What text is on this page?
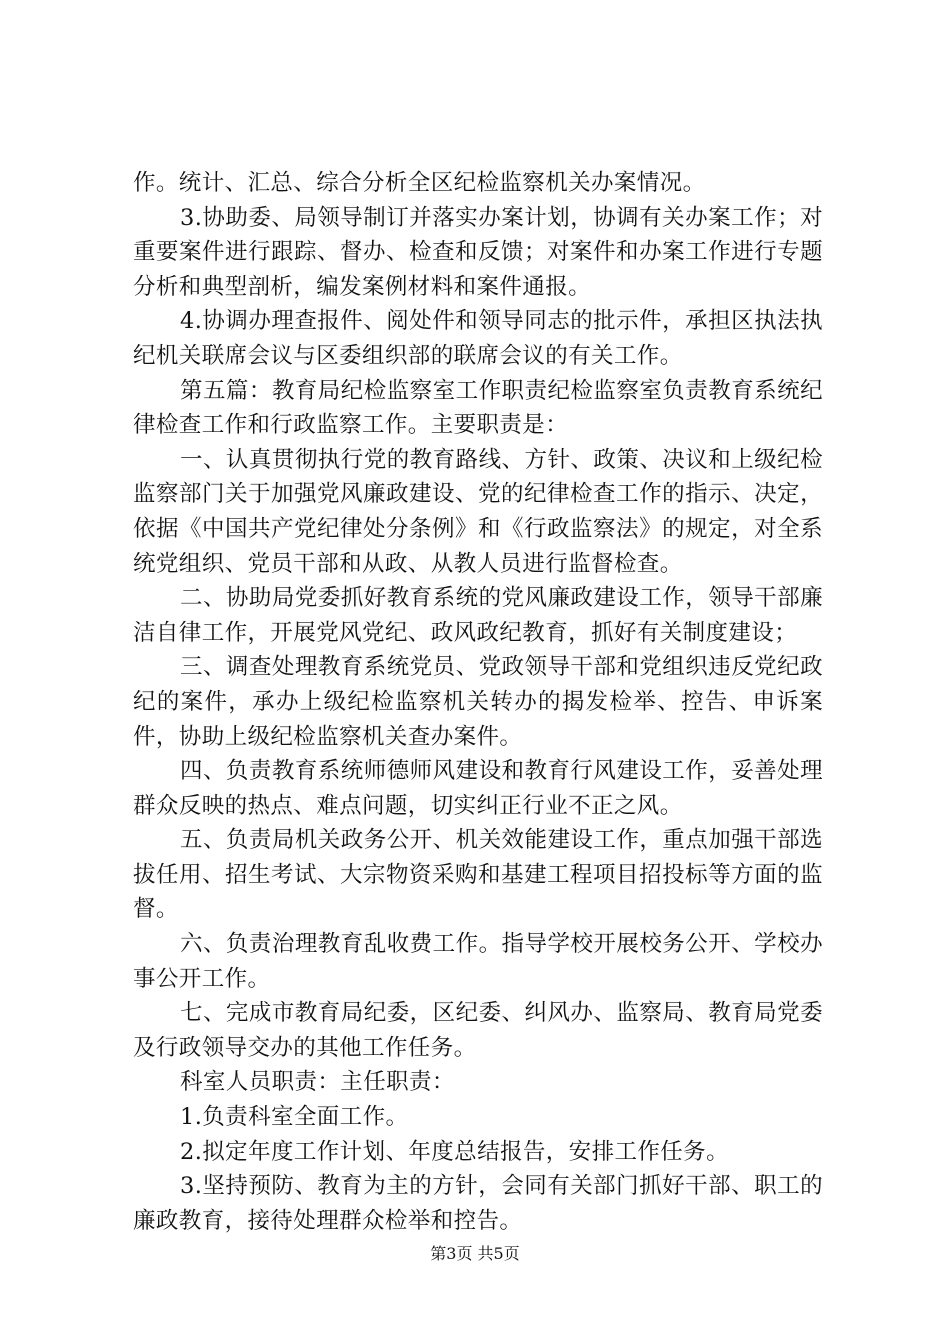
作。统计、汇总、综合分析全区纪检监察机关办案情况。

3.协助委、局领导制订并落实办案计划，协调有关办案工作；对重要案件进行跟踪、督办、检查和反馈；对案件和办案工作进行专题分析和典型剖析，编发案例材料和案件通报。

4.协调办理查报件、阅处件和领导同志的批示件，承担区执法执纪机关联席会议与区委组织部的联席会议的有关工作。

第五篇：教育局纪检监察室工作职责纪检监察室负责教育系统纪律检查工作和行政监察工作。主要职责是：

一、认真贯彻执行党的教育路线、方针、政策、决议和上级纪检监察部门关于加强党风廉政建设、党的纪律检查工作的指示、决定，依据《中国共产党纪律处分条例》和《行政监察法》的规定，对全系统党组织、党员干部和从政、从教人员进行监督检查。

二、协助局党委抓好教育系统的党风廉政建设工作，领导干部廉洁自律工作，开展党风党纪、政风政纪教育，抓好有关制度建设；

三、调查处理教育系统党员、党政领导干部和党组织违反党纪政纪的案件，承办上级纪检监察机关转办的揭发检举、控告、申诉案件，协助上级纪检监察机关查办案件。

四、负责教育系统师德师风建设和教育行风建设工作，妥善处理群众反映的热点、难点问题，切实纠正行业不正之风。

五、负责局机关政务公开、机关效能建设工作，重点加强干部选拔任用、招生考试、大宗物资采购和基建工程项目招投标等方面的监督。

六、负责治理教育乱收费工作。指导学校开展校务公开、学校办事公开工作。

七、完成市教育局纪委，区纪委、纠风办、监察局、教育局党委及行政领导交办的其他工作任务。

科室人员职责：主任职责：

1.负责科室全面工作。

2.拟定年度工作计划、年度总结报告，安排工作任务。

3.坚持预防、教育为主的方针，会同有关部门抓好干部、职工的廉政教育，接待处理群众检举和控告。

第3页 共5页
